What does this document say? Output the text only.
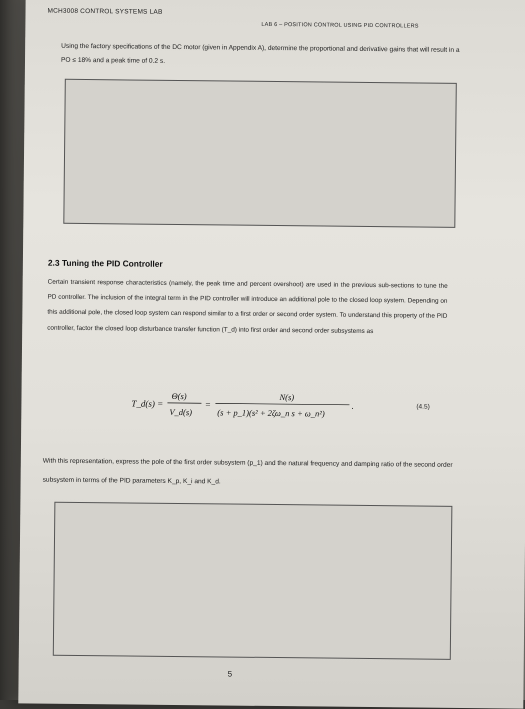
MCH3008 CONTROL SYSTEMS LAB
LAB 6 – POSITION CONTROL USING PID CONTROLLERS
Using the factory specifications of the DC motor (given in Appendix A), determine the proportional and derivative gains that will result in a PO ≤ 18% and a peak time of 0.2 s.
2.3 Tuning the PID Controller
Certain transient response characteristics (namely, the peak time and percent overshoot) are used in the previous sub-sections to tune the PD controller. The inclusion of the integral term in the PID controller will introduce an additional pole to the closed loop system. Depending on this additional pole, the closed loop system can respond similar to a first order or second order system. To understand this property of the PID controller, factor the closed loop disturbance transfer function (T_d) into first order and second order subsystems as
T_d(s) =
Θ(s)
V_d(s)
=
N(s)
(s + p_1)(s² + 2ζω_n s + ω_n²)
.	(4.5)
With this representation, express the pole of the first order subsystem (p_1) and the natural frequency and damping ratio of the second order subsystem in terms of the PID parameters K_p, K_i and K_d.
5
